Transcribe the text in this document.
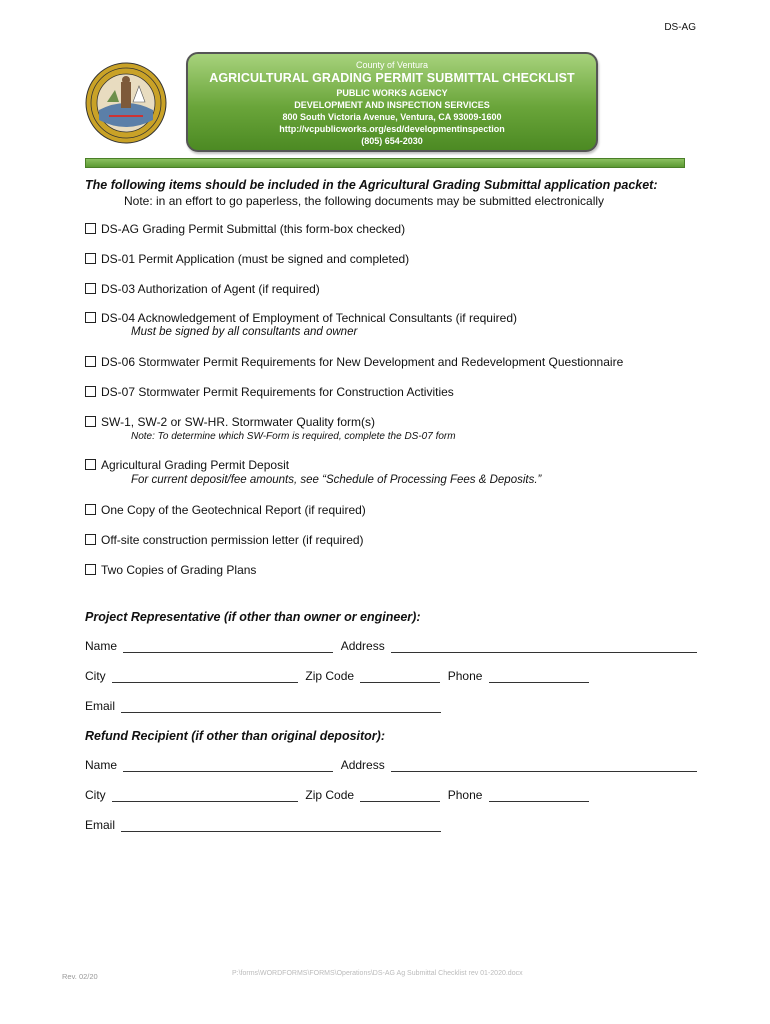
DS-AG
County of Ventura
AGRICULTURAL GRADING PERMIT SUBMITTAL CHECKLIST
PUBLIC WORKS AGENCY
DEVELOPMENT AND INSPECTION SERVICES
800 South Victoria Avenue, Ventura, CA 93009-1600
http://vcpublicworks.org/esd/developmentinspection
(805) 654-2030
The following items should be included in the Agricultural Grading Submittal application packet:
Note: in an effort to go paperless, the following documents may be submitted electronically
DS-AG Grading Permit Submittal (this form-box checked)
DS-01 Permit Application (must be signed and completed)
DS-03 Authorization of Agent (if required)
DS-04 Acknowledgement of Employment of Technical Consultants (if required)
Must be signed by all consultants and owner
DS-06 Stormwater Permit Requirements for New Development and Redevelopment Questionnaire
DS-07 Stormwater Permit Requirements for Construction Activities
SW-1, SW-2 or SW-HR. Stormwater Quality form(s)
Note: To determine which SW-Form is required, complete the DS-07 form
Agricultural Grading Permit Deposit
For current deposit/fee amounts, see “Schedule of Processing Fees & Deposits.”
One Copy of the Geotechnical Report (if required)
Off-site construction permission letter (if required)
Two Copies of Grading Plans
Project Representative (if other than owner or engineer):
Name	Address
City	Zip Code	Phone
Email
Refund Recipient (if other than original depositor):
Name	Address
City	Zip Code	Phone
Email
Rev. 02/20	P:\forms\WORDFORMS\FORMS\Operations\DS-AG Ag Submittal Checklist rev 01-2020.docx
